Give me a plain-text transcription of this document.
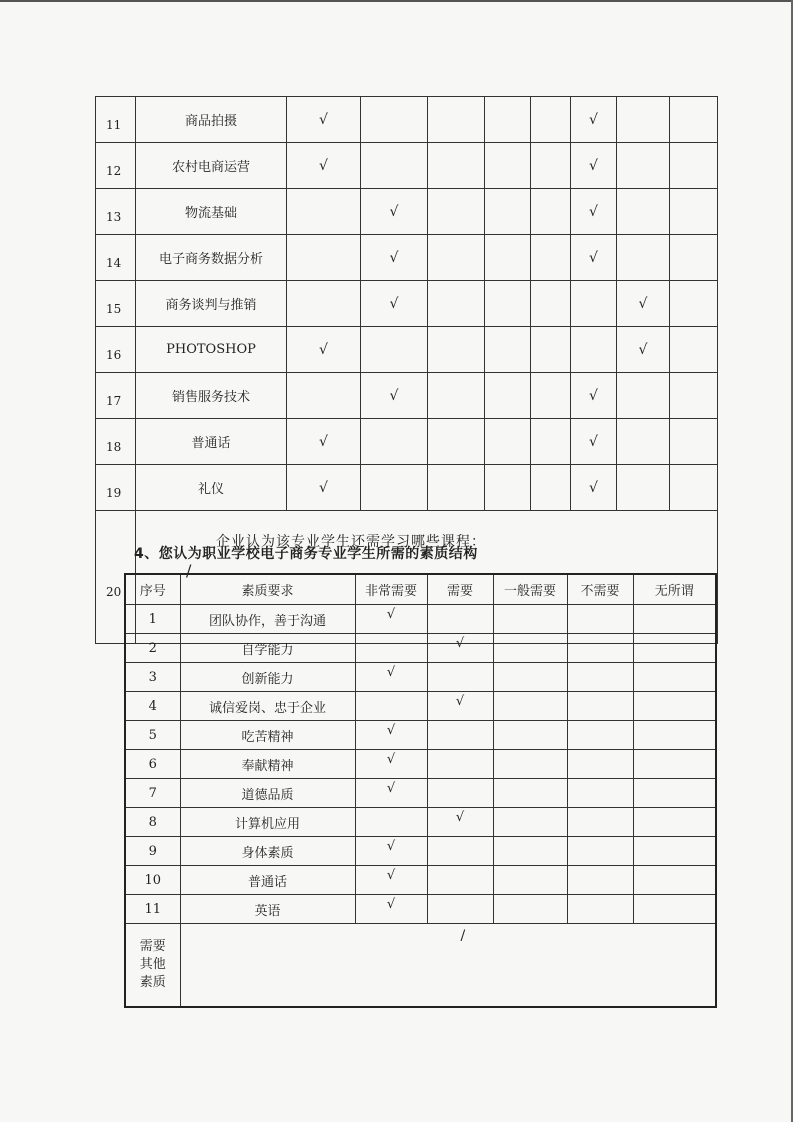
11	商品拍摄	√					√		
12	农村电商运营	√					√		
13	物流基础		√				√		
14	电子商务数据分析		√				√		
15	商务谈判与推销		√					√	
16	PHOTOSHOP	√						√	
17	销售服务技术		√				√		
18	普通话	√					√		
19	礼仪	√					√		
20	企业认为该专业学生还需学习哪些课程：
/								
4、您认为职业学校电子商务专业学生所需的素质结构
序号	素质要求	非常需要	需要	一般需要	不需要	无所谓
1	团队协作，善于沟通	√				
2	自学能力		√			
3	创新能力	√				
4	诚信爱岗、忠于企业		√			
5	吃苦精神	√				
6	奉献精神	√				
7	道德品质	√				
8	计算机应用		√			
9	身体素质	√				
10	普通话	√				
11	英语	√				

需要
其他
素质	/					
